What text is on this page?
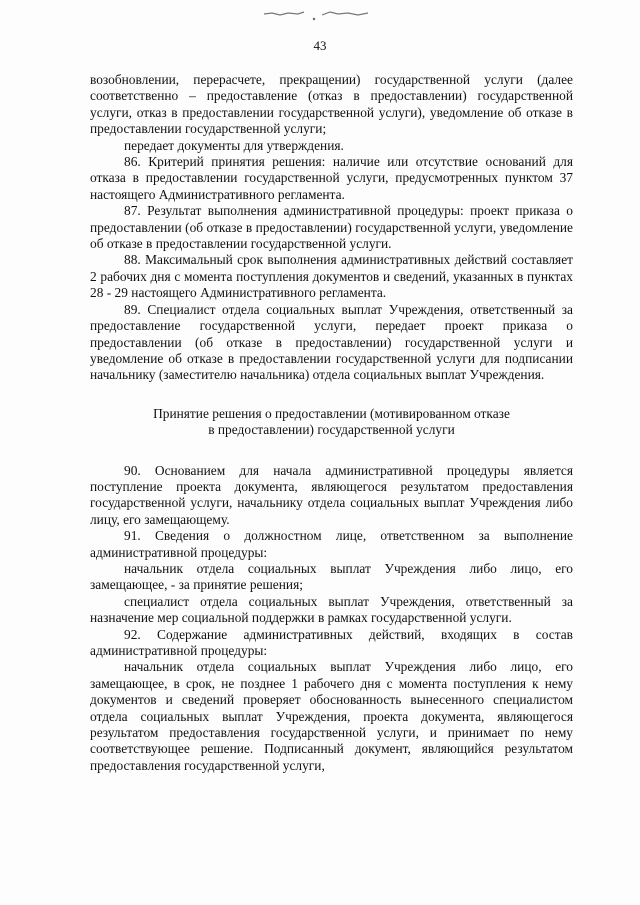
43

возобновлении, перерасчете, прекращении) государственной услуги (далее соответственно – предоставление (отказ в предоставлении) государственной услуги, отказ в предоставлении государственной услуги), уведомление об отказе в предоставлении государственной услуги;

передает документы для утверждения.

86. Критерий принятия решения: наличие или отсутствие оснований для отказа в предоставлении государственной услуги, предусмотренных пунктом 37 настоящего Административного регламента.

87. Результат выполнения административной процедуры: проект приказа о предоставлении (об отказе в предоставлении) государственной услуги, уведомление об отказе в предоставлении государственной услуги.

88. Максимальный срок выполнения административных действий составляет 2 рабочих дня с момента поступления документов и сведений, указанных в пунктах 28 - 29 настоящего Административного регламента.

89. Специалист отдела социальных выплат Учреждения, ответственный за предоставление государственной услуги, передает проект приказа о предоставлении (об отказе в предоставлении) государственной услуги и уведомление об отказе в предоставлении государственной услуги для подписании начальнику (заместителю начальника) отдела социальных выплат Учреждения.

Принятие решения о предоставлении (мотивированном отказе
в предоставлении) государственной услуги

90. Основанием для начала административной процедуры является поступление проекта документа, являющегося результатом предоставления государственной услуги, начальнику отдела социальных выплат Учреждения либо лицу, его замещающему.

91. Сведения о должностном лице, ответственном за выполнение административной процедуры:

начальник отдела социальных выплат Учреждения либо лицо, его замещающее, - за принятие решения;

специалист отдела социальных выплат Учреждения, ответственный за назначение мер социальной поддержки в рамках государственной услуги.

92. Содержание административных действий, входящих в состав административной процедуры:

начальник отдела социальных выплат Учреждения либо лицо, его замещающее, в срок, не позднее 1 рабочего дня с момента поступления к нему документов и сведений проверяет обоснованность вынесенного специалистом отдела социальных выплат Учреждения, проекта документа, являющегося результатом предоставления государственной услуги, и принимает по нему соответствующее решение. Подписанный документ, являющийся результатом предоставления государственной услуги,
